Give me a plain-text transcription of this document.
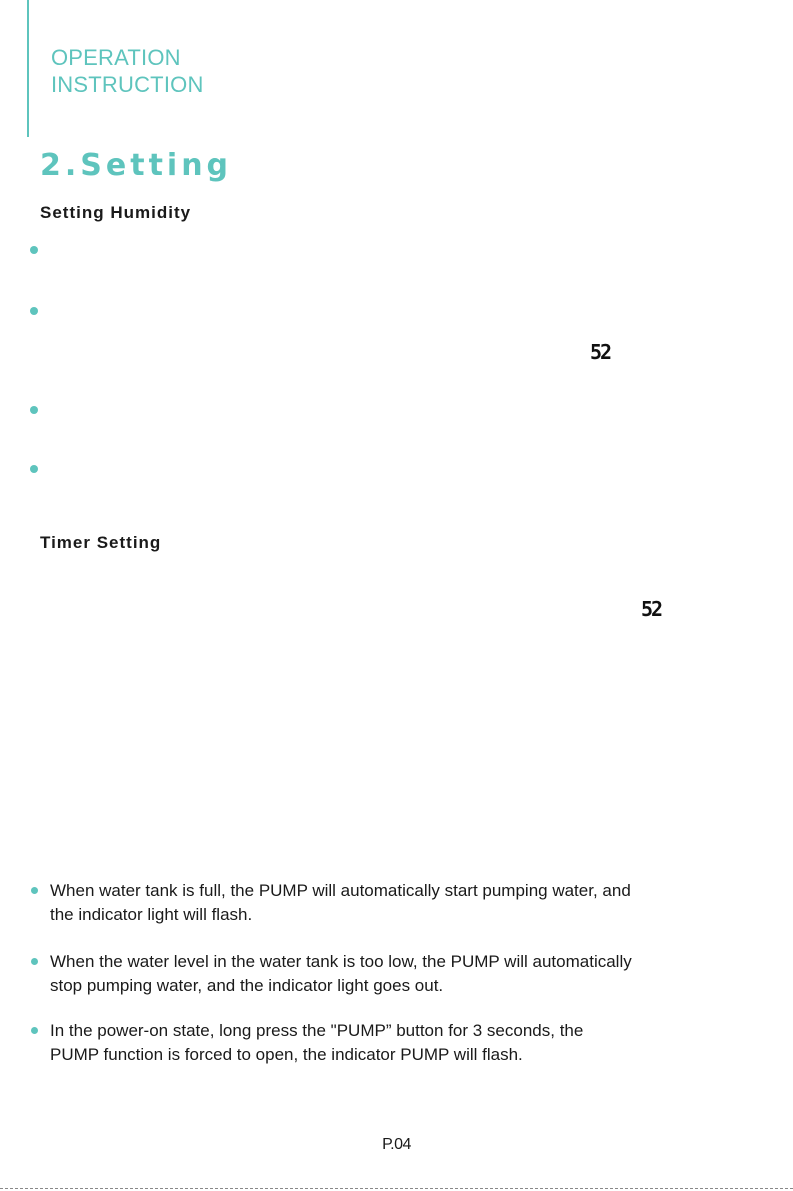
OPERATION
INSTRUCTION
2.Setting
Setting Humidity
52
Timer Setting
52
When water tank is full, the PUMP will automatically start pumping water, and
the indicator light will flash.
When the water level in the water tank is too low, the PUMP will automatically
stop pumping water, and the indicator light goes out.
In the power-on state, long press the "PUMP” button for 3 seconds, the
PUMP function is forced to open, the indicator PUMP will flash.
P.04
